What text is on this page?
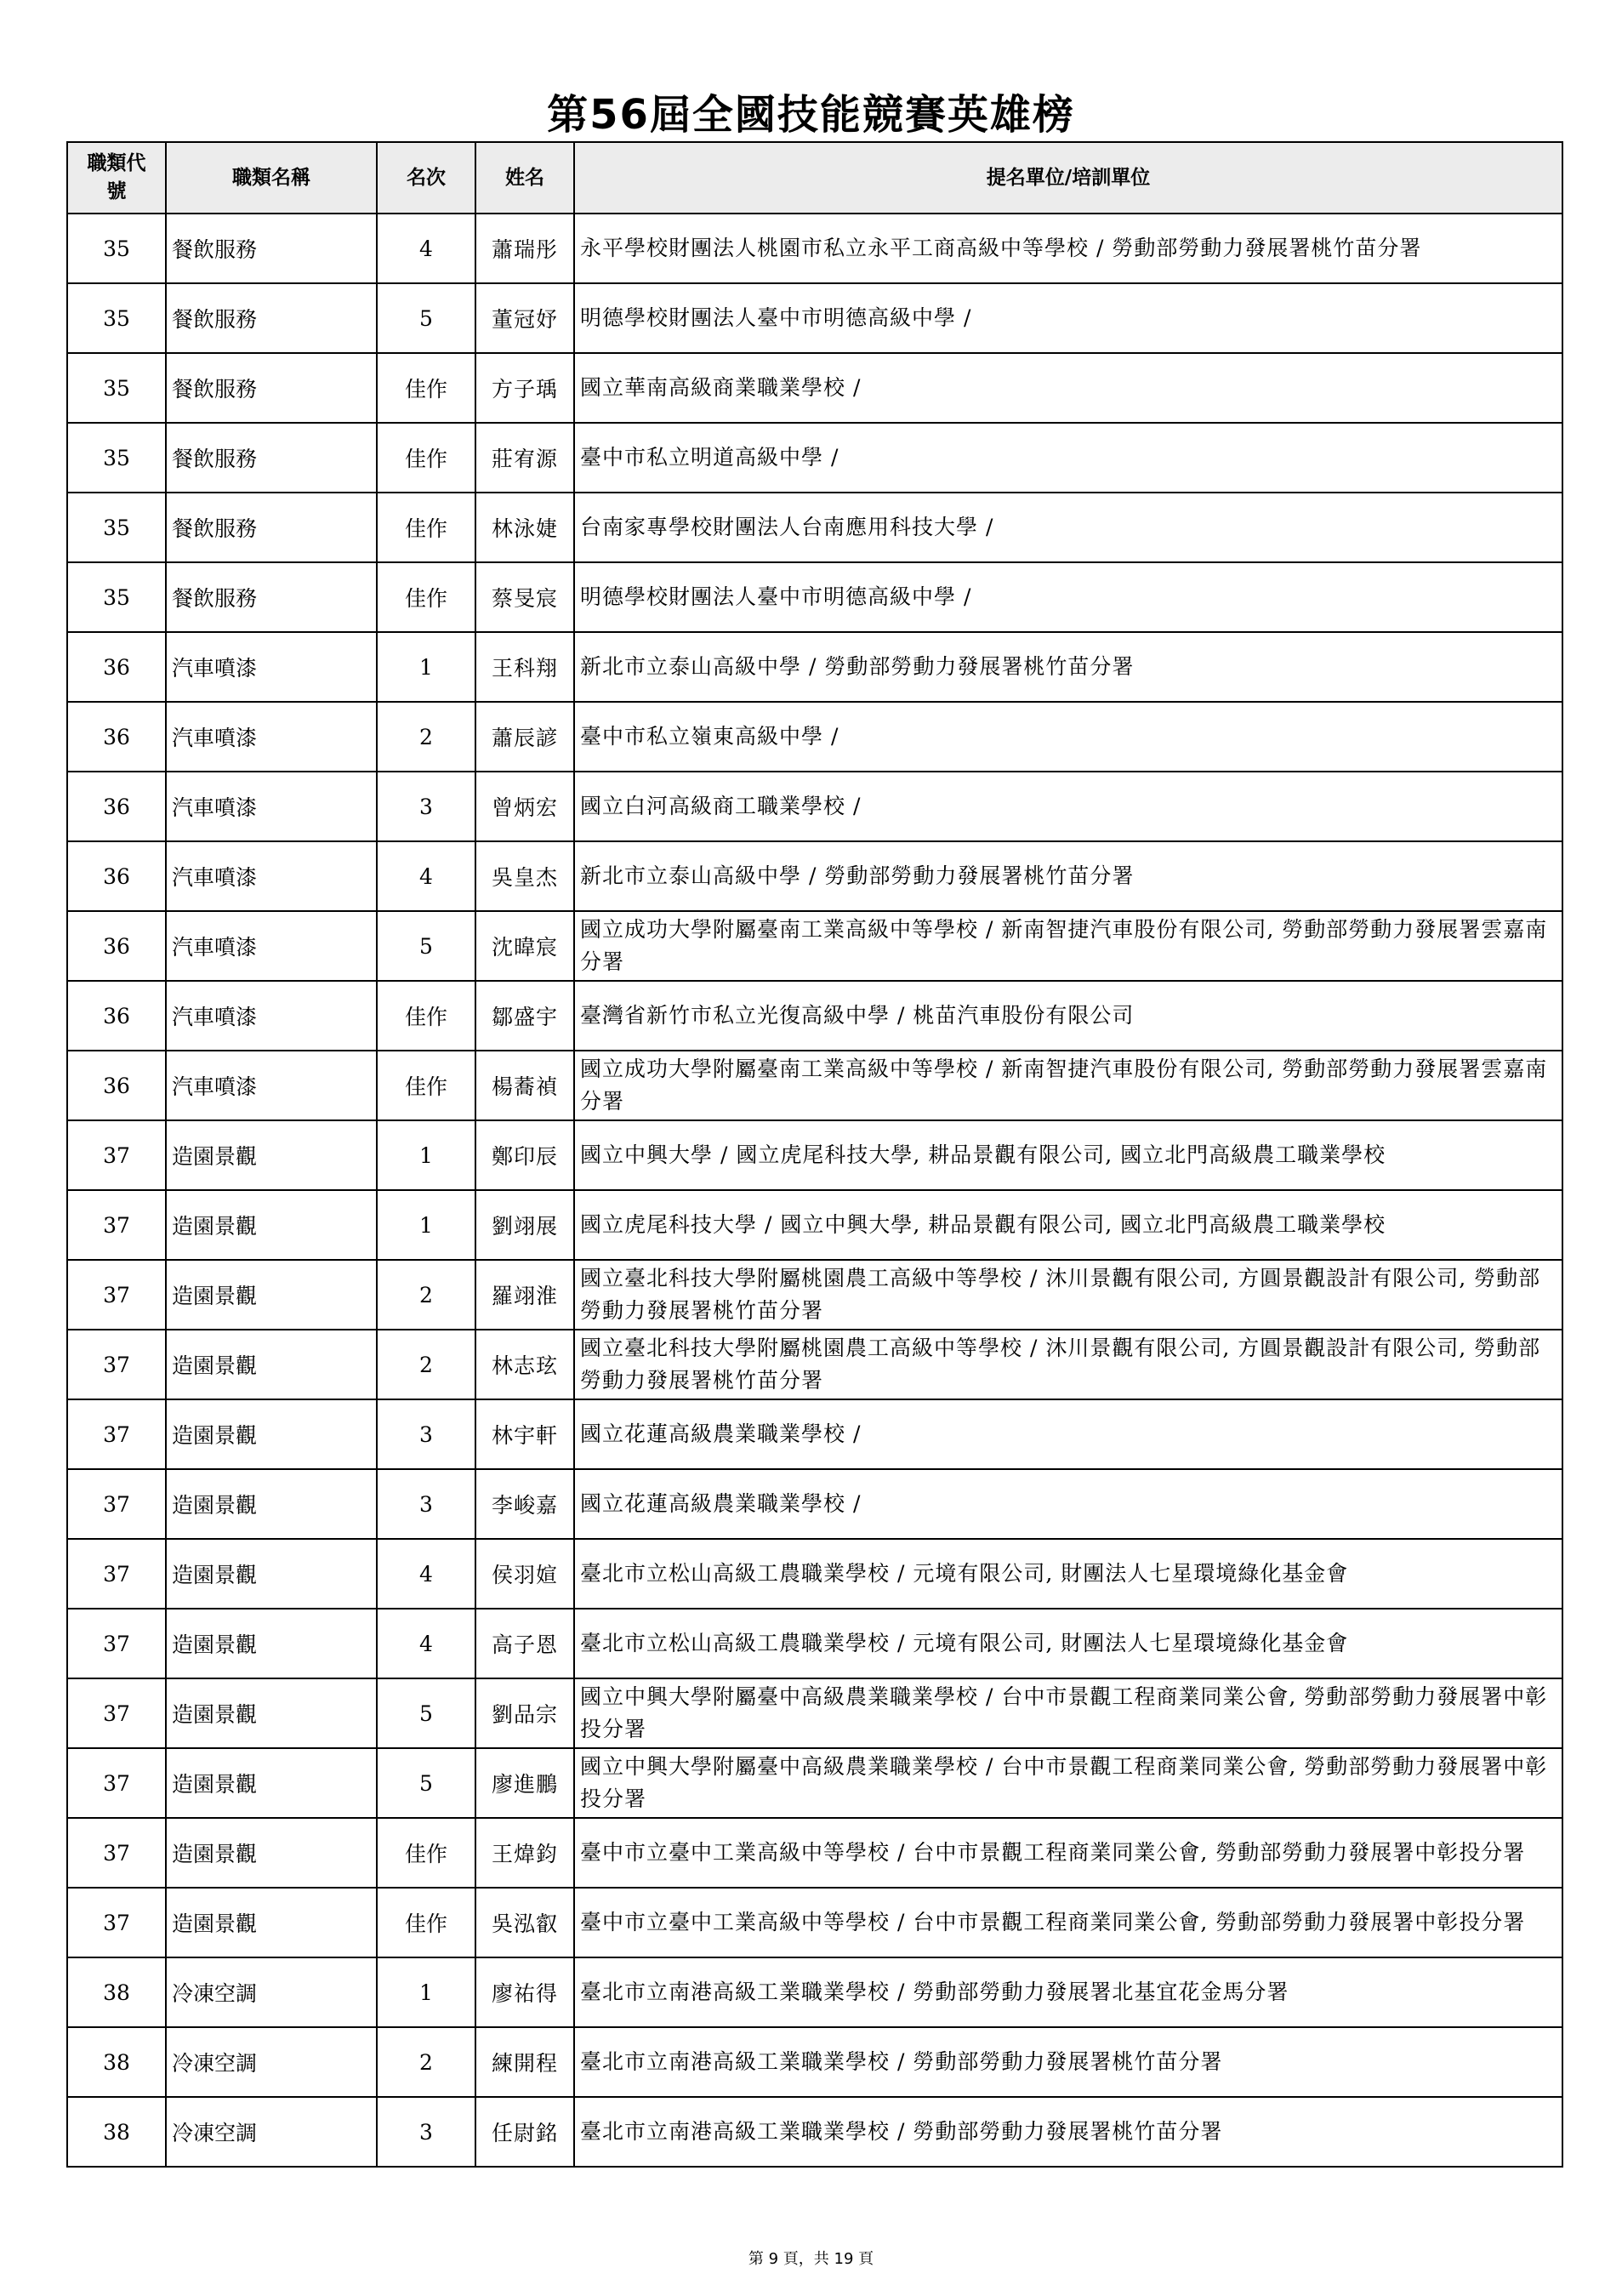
第56屆全國技能競賽英雄榜
職類代號	職類名稱	名次	姓名	提名單位/培訓單位
35	餐飲服務	4	蕭瑞彤	永平學校財團法人桃園市私立永平工商高級中等學校 / 勞動部勞動力發展署桃竹苗分署
35	餐飲服務	5	董冠妤	明德學校財團法人臺中市明德高級中學 /
35	餐飲服務	佳作	方子瑀	國立華南高級商業職業學校 /
35	餐飲服務	佳作	莊宥源	臺中市私立明道高級中學 /
35	餐飲服務	佳作	林泳婕	台南家專學校財團法人台南應用科技大學 /
35	餐飲服務	佳作	蔡旻宸	明德學校財團法人臺中市明德高級中學 /
36	汽車噴漆	1	王科翔	新北市立泰山高級中學 / 勞動部勞動力發展署桃竹苗分署
36	汽車噴漆	2	蕭辰諺	臺中市私立嶺東高級中學 /
36	汽車噴漆	3	曾炳宏	國立白河高級商工職業學校 /
36	汽車噴漆	4	吳皇杰	新北市立泰山高級中學 / 勞動部勞動力發展署桃竹苗分署
36	汽車噴漆	5	沈暐宸	國立成功大學附屬臺南工業高級中等學校 / 新南智捷汽車股份有限公司, 勞動部勞動力發展署雲嘉南分署
36	汽車噴漆	佳作	鄒盛宇	臺灣省新竹市私立光復高級中學 / 桃苗汽車股份有限公司
36	汽車噴漆	佳作	楊蕎禎	國立成功大學附屬臺南工業高級中等學校 / 新南智捷汽車股份有限公司, 勞動部勞動力發展署雲嘉南分署
37	造園景觀	1	鄭印辰	國立中興大學 / 國立虎尾科技大學, 耕品景觀有限公司, 國立北門高級農工職業學校
37	造園景觀	1	劉翊展	國立虎尾科技大學 / 國立中興大學, 耕品景觀有限公司, 國立北門高級農工職業學校
37	造園景觀	2	羅翊淮	國立臺北科技大學附屬桃園農工高級中等學校 / 沐川景觀有限公司, 方圓景觀設計有限公司, 勞動部勞動力發展署桃竹苗分署
37	造園景觀	2	林志玹	國立臺北科技大學附屬桃園農工高級中等學校 / 沐川景觀有限公司, 方圓景觀設計有限公司, 勞動部勞動力發展署桃竹苗分署
37	造園景觀	3	林宇軒	國立花蓮高級農業職業學校 /
37	造園景觀	3	李峻嘉	國立花蓮高級農業職業學校 /
37	造園景觀	4	侯羽媗	臺北市立松山高級工農職業學校 / 元境有限公司, 財團法人七星環境綠化基金會
37	造園景觀	4	高子恩	臺北市立松山高級工農職業學校 / 元境有限公司, 財團法人七星環境綠化基金會
37	造園景觀	5	劉品宗	國立中興大學附屬臺中高級農業職業學校 / 台中市景觀工程商業同業公會, 勞動部勞動力發展署中彰投分署
37	造園景觀	5	廖進鵬	國立中興大學附屬臺中高級農業職業學校 / 台中市景觀工程商業同業公會, 勞動部勞動力發展署中彰投分署
37	造園景觀	佳作	王煒鈞	臺中市立臺中工業高級中等學校 / 台中市景觀工程商業同業公會, 勞動部勞動力發展署中彰投分署
37	造園景觀	佳作	吳泓叡	臺中市立臺中工業高級中等學校 / 台中市景觀工程商業同業公會, 勞動部勞動力發展署中彰投分署
38	冷凍空調	1	廖祐得	臺北市立南港高級工業職業學校 / 勞動部勞動力發展署北基宜花金馬分署
38	冷凍空調	2	練開程	臺北市立南港高級工業職業學校 / 勞動部勞動力發展署桃竹苗分署
38	冷凍空調	3	任尉銘	臺北市立南港高級工業職業學校 / 勞動部勞動力發展署桃竹苗分署
第 9 頁，共 19 頁
